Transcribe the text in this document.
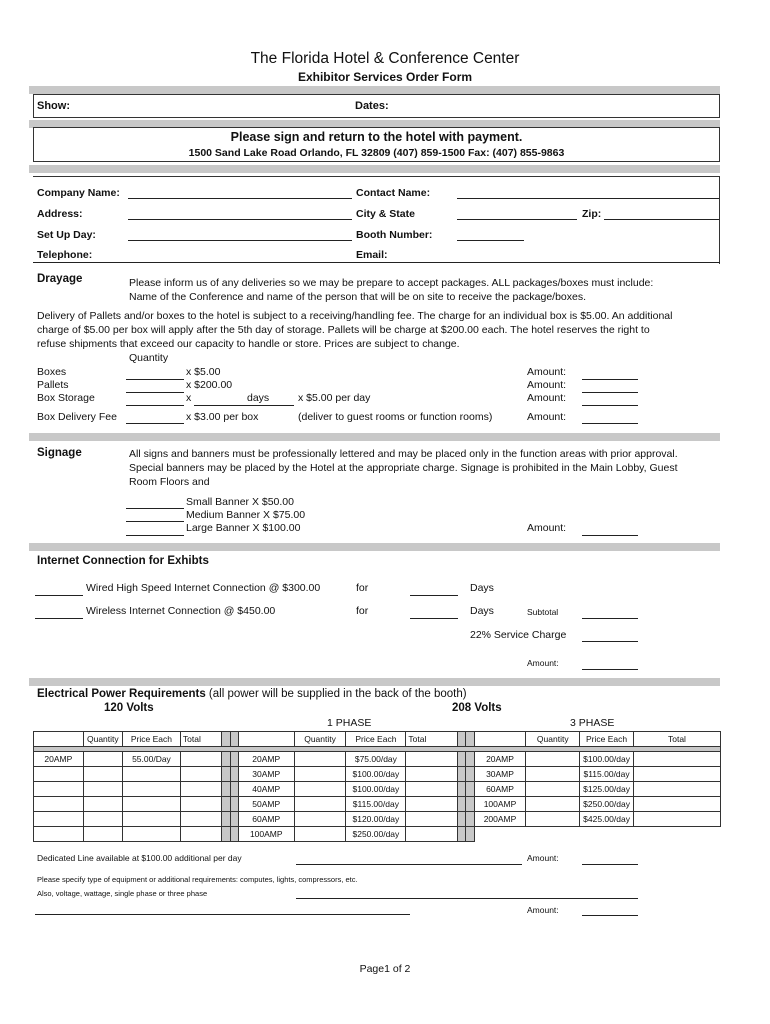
The Florida Hotel & Conference Center
Exhibitor Services Order Form
Show:	Dates:
Please sign and return to the hotel with payment.
1500 Sand Lake Road Orlando, FL 32809 (407) 859-1500 Fax: (407) 855-9863
Company Name:	Contact Name:
Address:	City & State	Zip:
Set Up Day:	Booth Number:
Telephone:	Email:
Drayage	Please inform us of any deliveries so we may be prepare to accept packages. ALL packages/boxes must include:
Name of the Conference and name of the person that will be on site to receive the package/boxes.
Delivery of Pallets and/or boxes to the hotel is subject to a receiving/handling fee. The charge for an individual box is $5.00. An additional
charge of $5.00 per box will apply after the 5th day of storage. Pallets will be charge at $200.00 each. The hotel reserves the right to
refuse shipments that exceed our capacity to handle or store. Prices are subject to change.
Quantity
Boxes	x $5.00	Amount:
Pallets	x $200.00	Amount:
Box Storage	x	days	x $5.00 per day	Amount:
Box Delivery Fee	x $3.00 per box	(deliver to guest rooms or function rooms)	Amount:
Signage	All signs and banners must be professionally lettered and may be placed only in the function areas with prior approval.
Special banners may be placed by the Hotel at the appropriate charge. Signage is prohibited in the Main Lobby, Guest
Room Floors and
Small Banner X $50.00
Medium Banner X $75.00
Large Banner X $100.00	Amount:
Internet Connection for Exhibts
Wired High Speed Internet Connection @ $300.00	for	Days
Wireless Internet Connection @ $450.00	for	Days	Subtotal
22% Service Charge
Amount:
Electrical Power Requirements (all power will be supplied in the back of the booth)
120 Volts	208 Volts
1 PHASE	3 PHASE
	Quantity	Price Each	Total				Quantity	Price Each	Total				Quantity	Price Each	Total

20AMP		55.00/Day				20AMP		$75.00/day				20AMP		$100.00/day	
						30AMP		$100.00/day				30AMP		$115.00/day	
						40AMP		$100.00/day				60AMP		$125.00/day	
						50AMP		$115.00/day				100AMP		$250.00/day	
						60AMP		$120.00/day				200AMP		$425.00/day	
						100AMP		$250.00/day							
Dedicated Line available at $100.00 additional per day	Amount:
Please specify type of equipment or additional requirements: computes, lights, compressors, etc.
Also, voltage, wattage, single phase or three phase
Amount:
Page1 of 2
